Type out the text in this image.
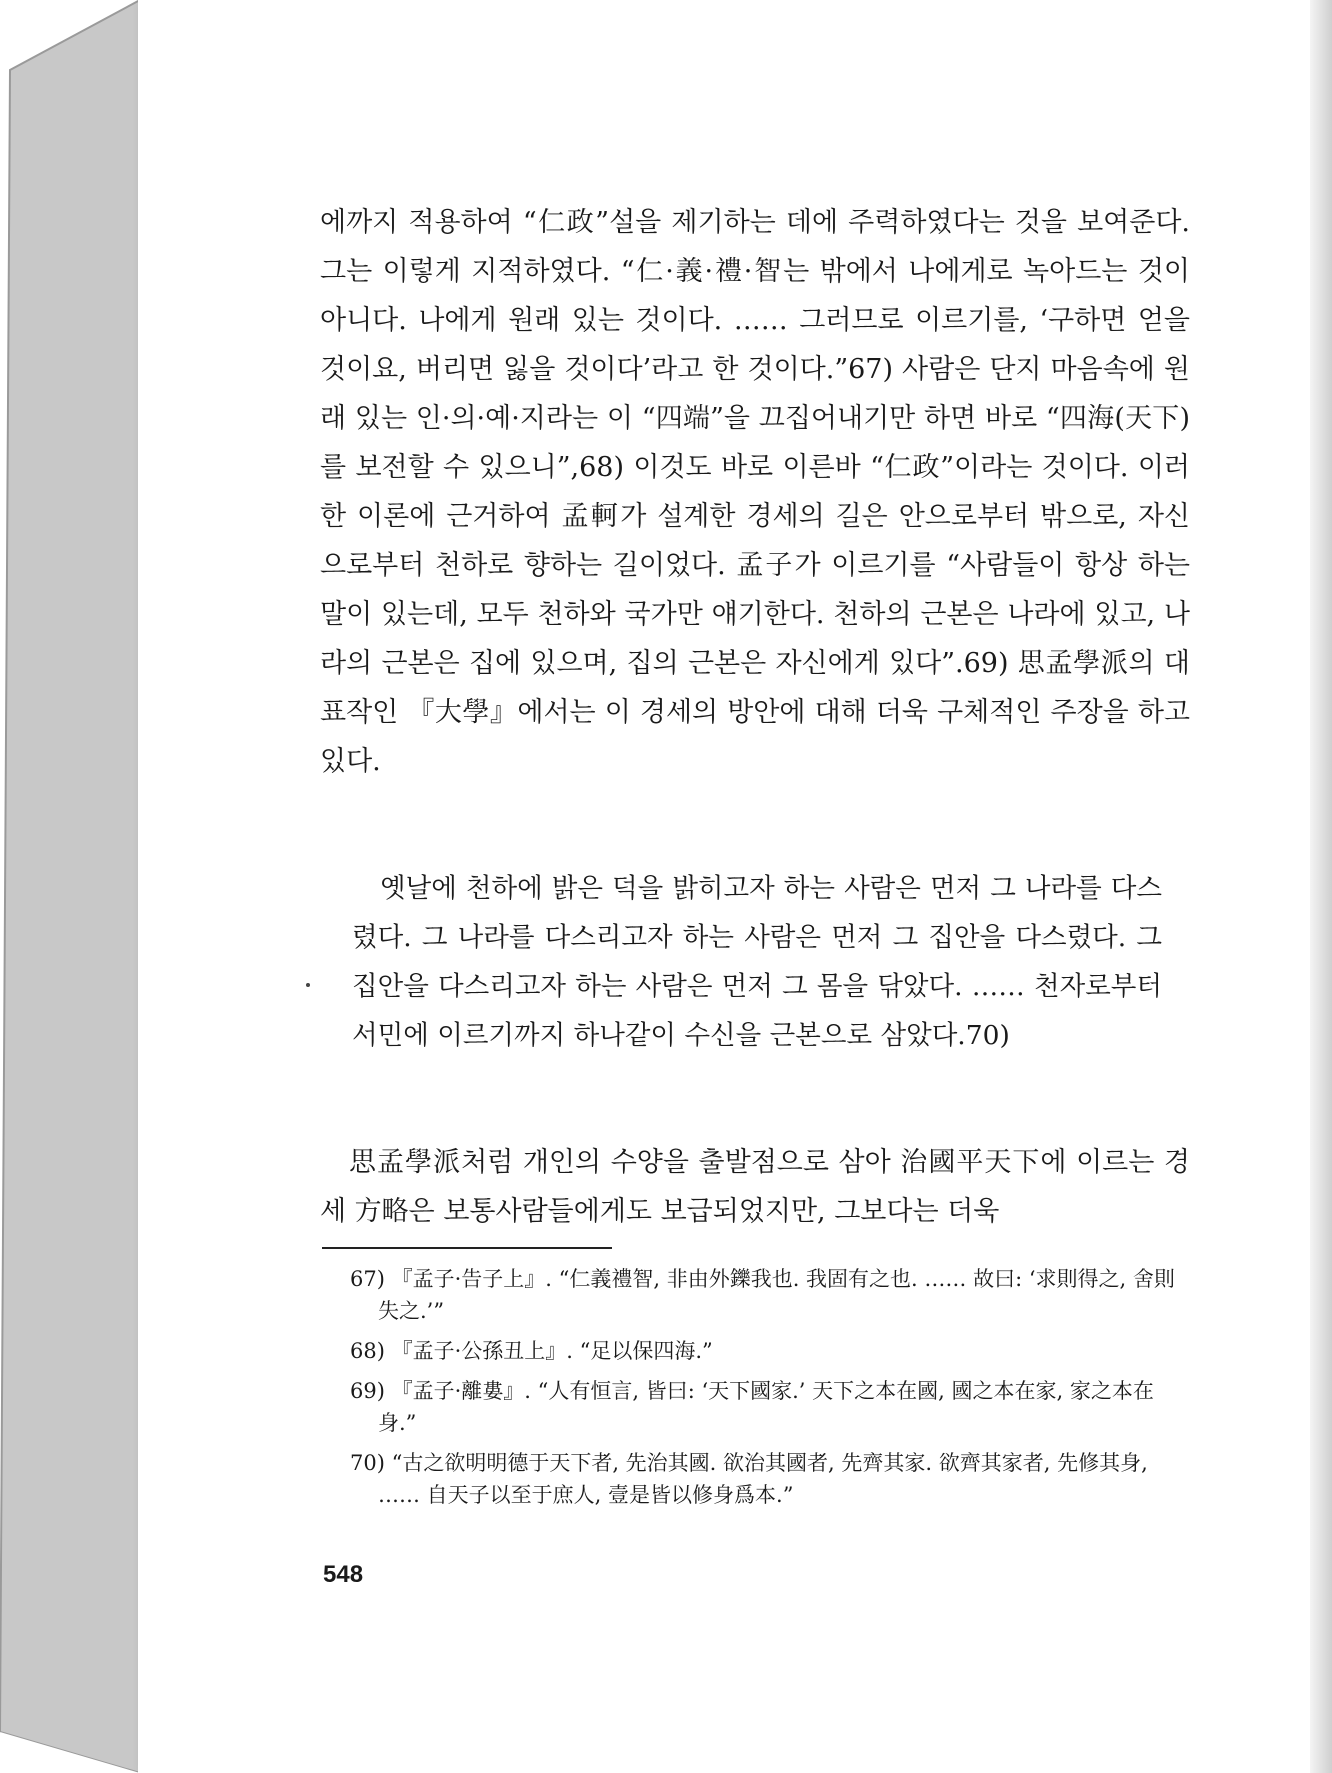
에까지 적용하여 “仁政”설을 제기하는 데에 주력하였다는 것을 보여준다. 그는 이렇게 지적하였다. “仁·義·禮·智는 밖에서 나에게로 녹아드는 것이 아니다. 나에게 원래 있는 것이다. …… 그러므로 이르기를, ‘구하면 얻을 것이요, 버리면 잃을 것이다’라고 한 것이다.”67) 사람은 단지 마음속에 원래 있는 인·의·예·지라는 이 “四端”을 끄집어내기만 하면 바로 “四海(天下)를 보전할 수 있으니”,68) 이것도 바로 이른바 “仁政”이라는 것이다. 이러한 이론에 근거하여 孟軻가 설계한 경세의 길은 안으로부터 밖으로, 자신으로부터 천하로 향하는 길이었다. 孟子가 이르기를 “사람들이 항상 하는 말이 있는데, 모두 천하와 국가만 얘기한다. 천하의 근본은 나라에 있고, 나라의 근본은 집에 있으며, 집의 근본은 자신에게 있다”.69) 思孟學派의 대표작인 『大學』에서는 이 경세의 방안에 대해 더욱 구체적인 주장을 하고 있다.
옛날에 천하에 밝은 덕을 밝히고자 하는 사람은 먼저 그 나라를 다스렸다. 그 나라를 다스리고자 하는 사람은 먼저 그 집안을 다스렸다. 그 집안을 다스리고자 하는 사람은 먼저 그 몸을 닦았다. …… 천자로부터 서민에 이르기까지 하나같이 수신을 근본으로 삼았다.70)
思孟學派처럼 개인의 수양을 출발점으로 삼아 治國平天下에 이르는 경세 方略은 보통사람들에게도 보급되었지만, 그보다는 더욱

67) 『孟子·告子上』. “仁義禮智, 非由外鑠我也. 我固有之也. …… 故曰: ‘求則得之, 舍則失之.’”

68) 『孟子·公孫丑上』. “足以保四海.”

69) 『孟子·離婁』. “人有恒言, 皆曰: ‘天下國家.’ 天下之本在國, 國之本在家, 家之本在身.”

70) “古之欲明明德于天下者, 先治其國. 欲治其國者, 先齊其家. 欲齊其家者, 先修其身, …… 自天子以至于庶人, 壹是皆以修身爲本.”

548
